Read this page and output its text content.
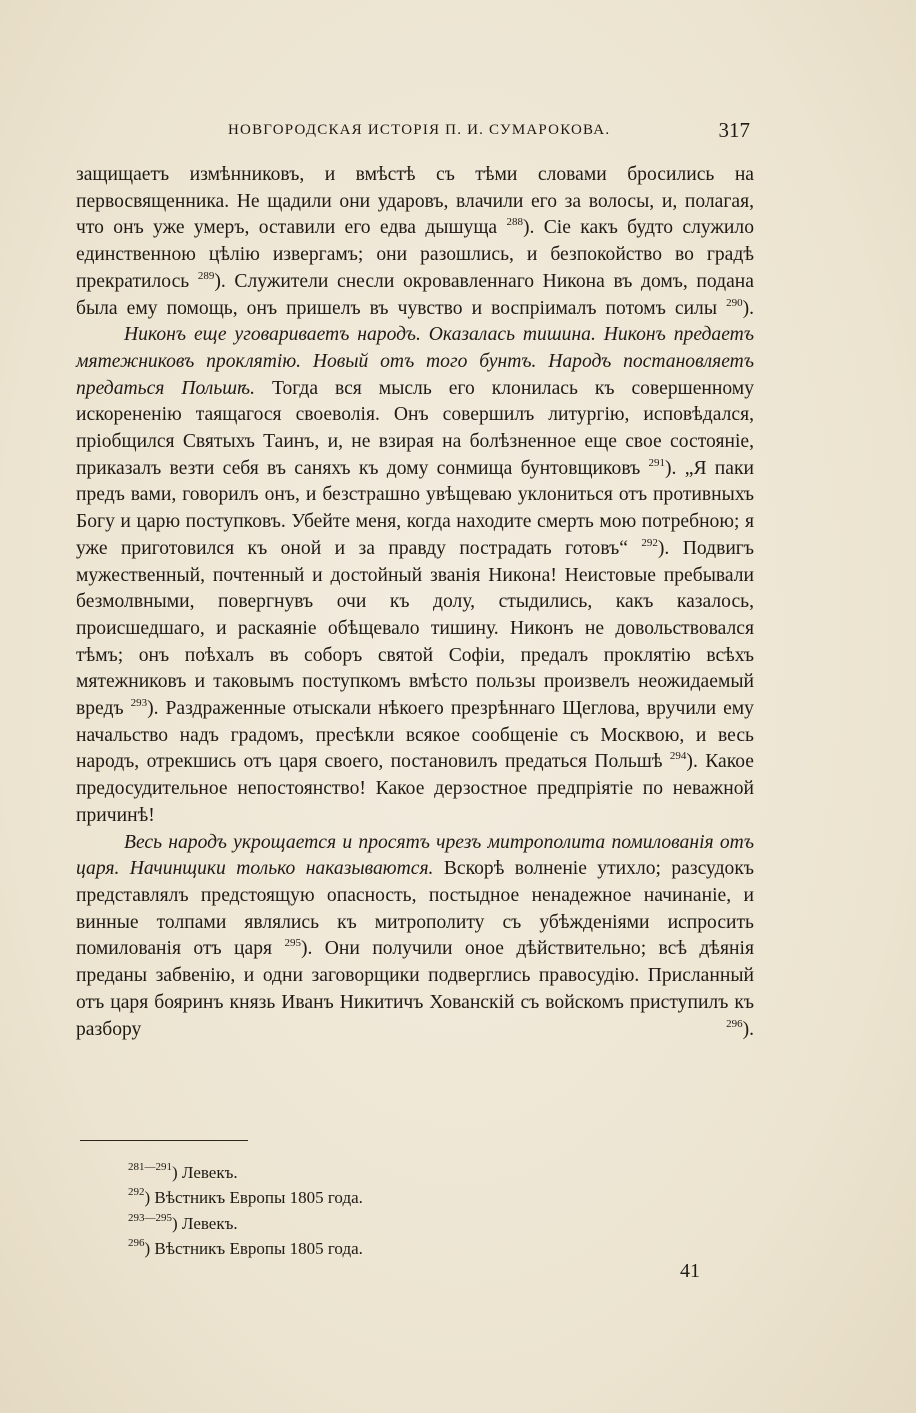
НОВГОРОДСКАЯ ИСТОРІЯ П. И. СУМАРОКОВА.	317

защищаетъ измѣнниковъ, и вмѣстѣ съ тѣми словами бросились на первосвященника. Не щадили они ударовъ, влачили его за волосы, и, полагая, что онъ уже умеръ, оставили его едва дышуща $^{288}$). Сіе какъ будто служило единственною цѣлію извергамъ; они разошлись, и безпокойство во градѣ прекратилось $^{289}$). Служители снесли окровавленнаго Никона въ домъ, подана была ему помощь, онъ пришелъ въ чувство и воспріималъ потомъ силы $^{290}$).

Никонъ еще уговариваетъ народъ. Оказалась тишина. Никонъ предаетъ мятежниковъ проклятію. Новый отъ того бунтъ. Народъ постановляетъ предаться Польшѣ. Тогда вся мысль его клонилась къ совершенному искорененію таящагося своеволія. Онъ совершилъ литургію, исповѣдался, пріобщился Святыхъ Таинъ, и, не взирая на болѣзненное еще свое состояніе, приказалъ везти себя въ саняхъ къ дому сонмища бунтовщиковъ $^{291}$). „Я паки предъ вами, говорилъ онъ, и безстрашно увѣщеваю уклониться отъ противныхъ Богу и царю поступковъ. Убейте меня, когда находите смерть мою потребною; я уже приготовился къ оной и за правду пострадать готовъ“ $^{292}$). Подвигъ мужественный, почтенный и достойный званія Никона! Неистовые пребывали безмолвными, повергнувъ очи къ долу, стыдились, какъ казалось, происшедшаго, и раскаяніе обѣщевало тишину. Никонъ не довольствовался тѣмъ; онъ поѣхалъ въ соборъ святой Софіи, предалъ проклятію всѣхъ мятежниковъ и таковымъ поступкомъ вмѣсто пользы произвелъ неожидаемый вредъ $^{293}$). Раздраженные отыскали нѣкоего презрѣннаго Щеглова, вручили ему начальство надъ градомъ, пресѣкли всякое сообщеніе съ Москвою, и весь народъ, отрекшись отъ царя своего, постановилъ предаться Польшѣ $^{294}$). Какое предосудительное непостоянство! Какое дерзостное предпріятіе по неважной причинѣ!

Весь народъ укрощается и просятъ чрезъ митрополита помилованія отъ царя. Начинщики только наказываются. Вскорѣ волненіе утихло; разсудокъ представлялъ предстоящую опасность, постыдное ненадежное начинаніе, и винные толпами являлись къ митрополиту съ убѣжденіями испросить помилованія отъ царя $^{295}$). Они получили оное дѣйствительно; всѣ дѣянія преданы забвенію, и одни заговорщики подверглись правосудію. Присланный отъ царя бояринъ князь Иванъ Никитичъ Хованскій съ войскомъ приступилъ къ разбору $^{296}$).

$^{281—291}$) Левекъ.

$^{292}$) Вѣстникъ Европы 1805 года.

$^{293—295}$) Левекъ.

$^{296}$) Вѣстникъ Европы 1805 года.

41
